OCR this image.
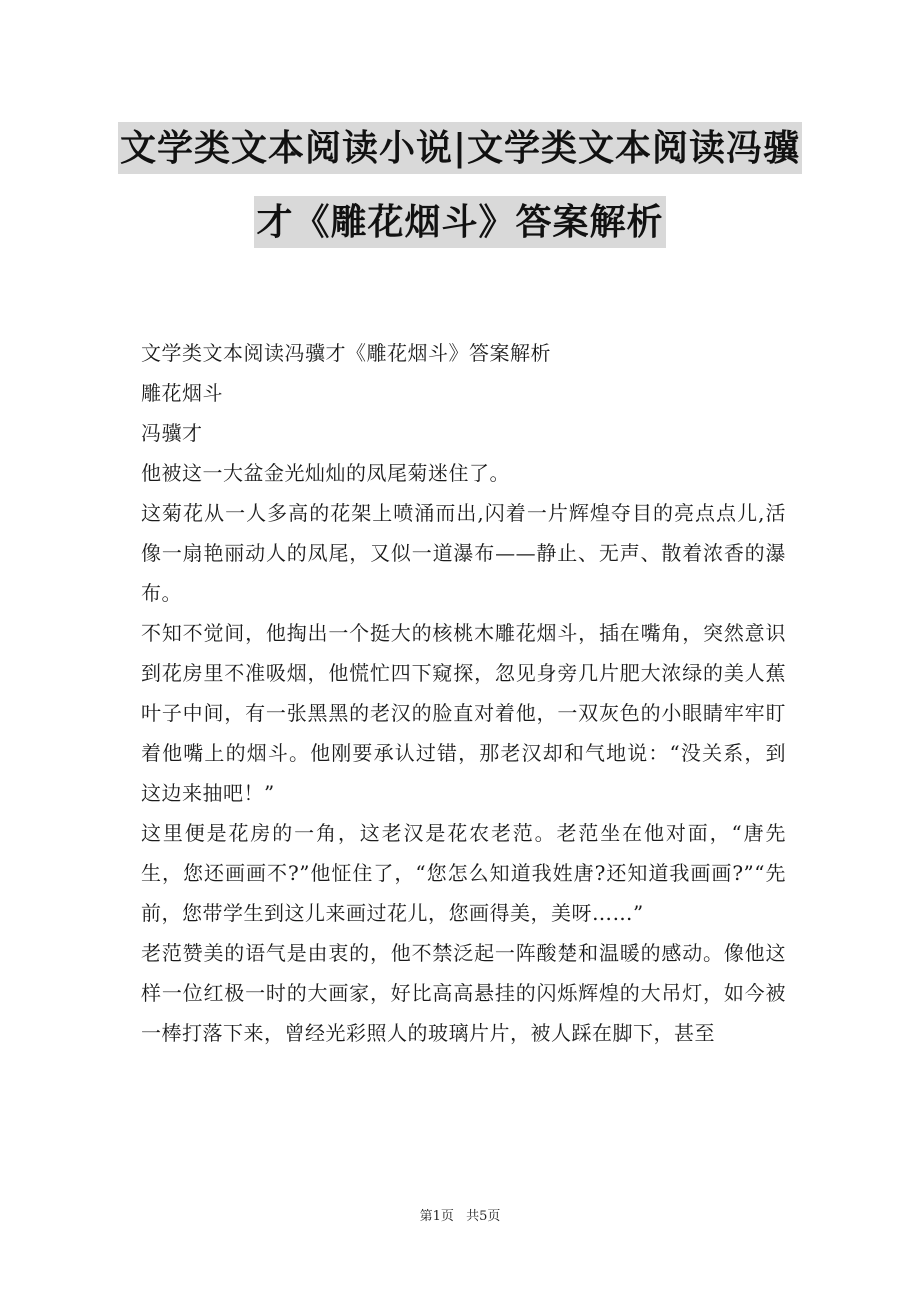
文学类文本阅读小说|文学类文本阅读冯骥
才《雕花烟斗》答案解析

文学类文本阅读冯骥才《雕花烟斗》答案解析

雕花烟斗

冯骥才

他被这一大盆金光灿灿的凤尾菊迷住了。

这菊花从一人多高的花架上喷涌而出,闪着一片辉煌夺目的亮点点儿,活像一扇艳丽动人的凤尾，又似一道瀑布——静止、无声、散着浓香的瀑布。

不知不觉间，他掏出一个挺大的核桃木雕花烟斗，插在嘴角，突然意识到花房里不准吸烟，他慌忙四下窥探，忽见身旁几片肥大浓绿的美人蕉叶子中间，有一张黑黑的老汉的脸直对着他，一双灰色的小眼睛牢牢盯着他嘴上的烟斗。他刚要承认过错，那老汉却和气地说：“没关系，到这边来抽吧！”

这里便是花房的一角，这老汉是花农老范。老范坐在他对面，“唐先生，您还画画不?”他怔住了，“您怎么知道我姓唐?还知道我画画?”“先前，您带学生到这儿来画过花儿，您画得美，美呀……”

老范赞美的语气是由衷的，他不禁泛起一阵酸楚和温暖的感动。像他这样一位红极一时的大画家，好比高高悬挂的闪烁辉煌的大吊灯，如今被一棒打落下来，曾经光彩照人的玻璃片片，被人踩在脚下，甚至

第1页 共5页
